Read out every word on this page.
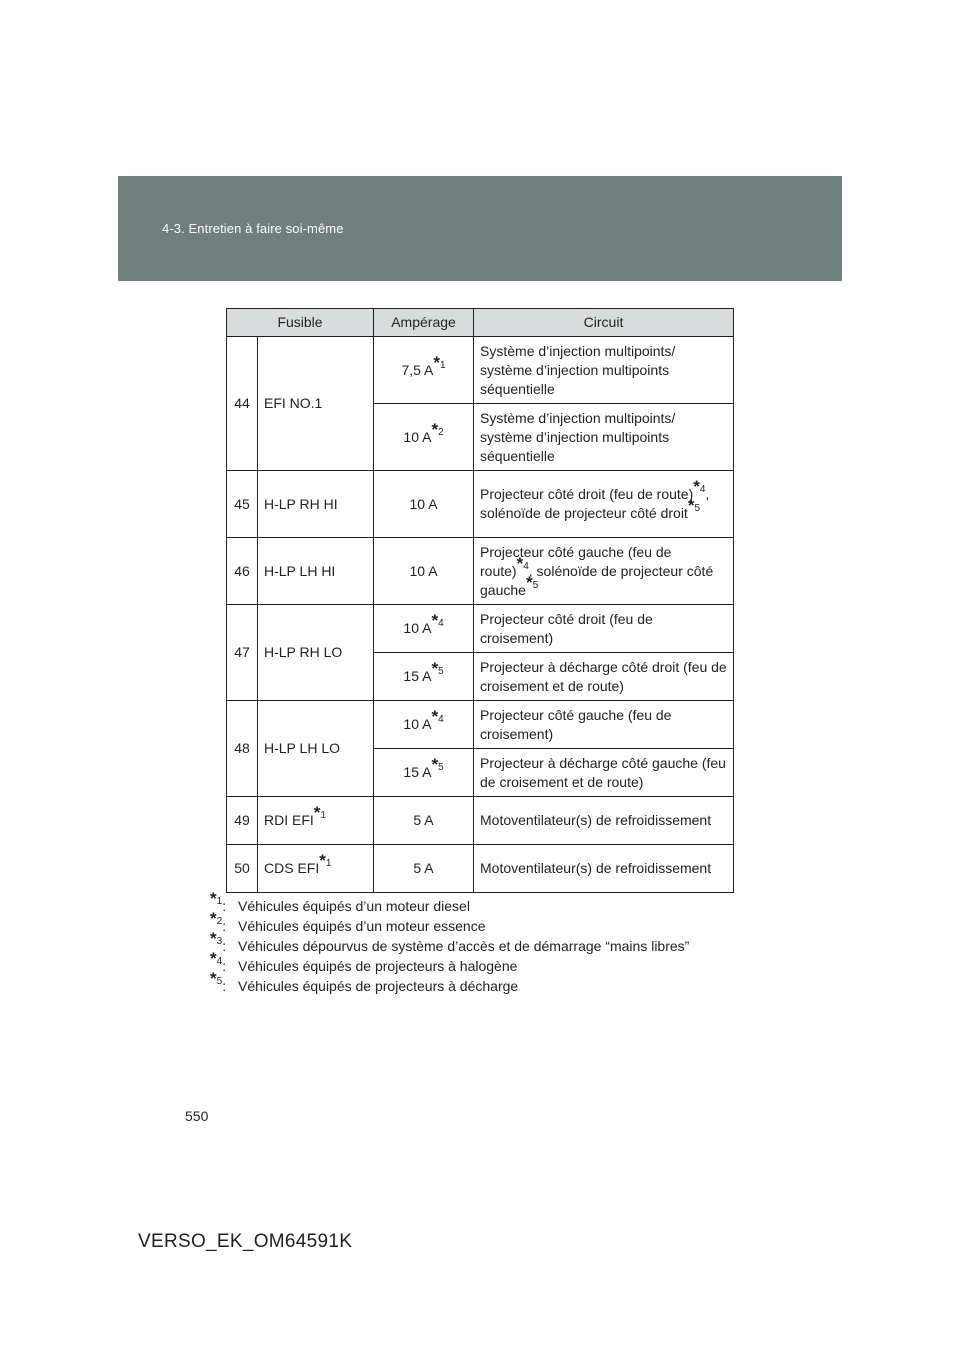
4-3. Entretien à faire soi-même
Fusible		Ampérage	Circuit
44	EFI NO.1	7,5 $A^{*1}$	Système d’injection multipoints/ système d’injection multipoints séquentielle
		10 $A^{*2}$	Système d’injection multipoints/ système d’injection multipoints séquentielle
45	H-LP RH HI	10 A	Projecteur côté droit (feu de route)$^{*4}$, solénoïde de projecteur côté droit$^{*5}$
46	H-LP LH HI	10 A	Projecteur côté gauche (feu de route)$^{*4}$, solénoïde de projecteur côté gauche$^{*5}$
47	H-LP RH LO	10 $A^{*4}$	Projecteur côté droit (feu de croisement)
		15 $A^{*5}$	Projecteur à décharge côté droit (feu de croisement et de route)
48	H-LP LH LO	10 $A^{*4}$	Projecteur côté gauche (feu de croisement)
		15 $A^{*5}$	Projecteur à décharge côté gauche (feu de croisement et de route)
49	RDI EFI$^{*1}$	5 A	Motoventilateur(s) de refroidissement
50	CDS EFI$^{*1}$	5 A	Motoventilateur(s) de refroidissement
$^{*1}$: Véhicules équipés d’un moteur diesel
$^{*2}$: Véhicules équipés d’un moteur essence
$^{*3}$: Véhicules dépourvus de système d’accès et de démarrage “mains libres”
$^{*4}$: Véhicules équipés de projecteurs à halogène
$^{*5}$: Véhicules équipés de projecteurs à décharge
550
VERSO_EK_OM64591K
